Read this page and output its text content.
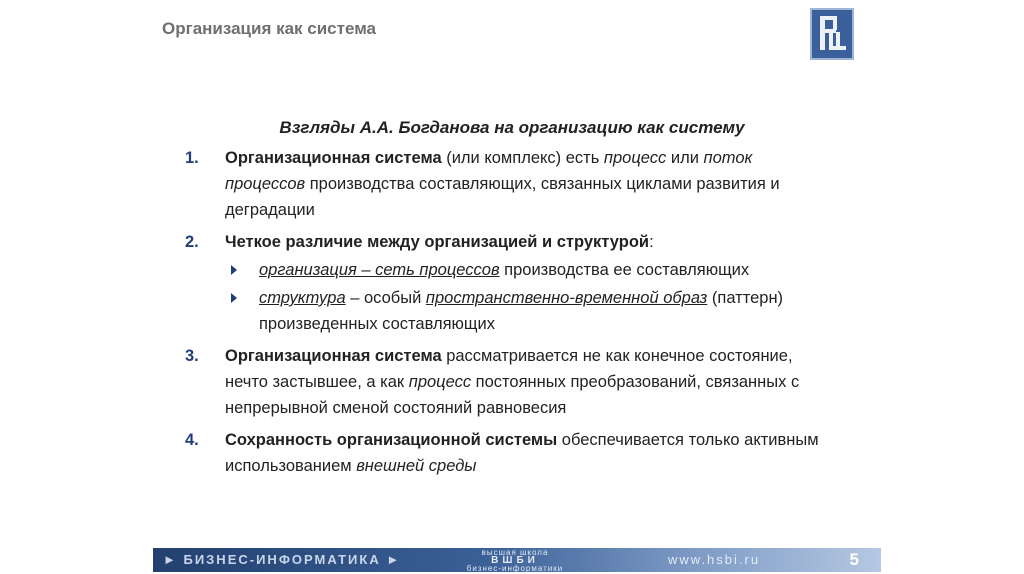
Организация как система
Взгляды А.А. Богданова на организацию как систему
1. Организационная система (или комплекс) есть процесс или поток процессов производства составляющих, связанных циклами развития и деградации
2. Четкое различие между организацией и структурой:
организация – сеть процессов производства ее составляющих
структура – особый пространственно-временной образ (паттерн) произведенных составляющих
3. Организационная система рассматривается не как конечное состояние, нечто застывшее, а как процесс постоянных преобразований, связанных с непрерывной сменой состояний равновесия
4. Сохранность организационной системы обеспечивается только активным использованием внешней среды
► БИЗНЕС-ИНФОРМАТИКА ►	высшая школа
ВШБИ
бизнес-информатики
www.hsbi.ru	5
